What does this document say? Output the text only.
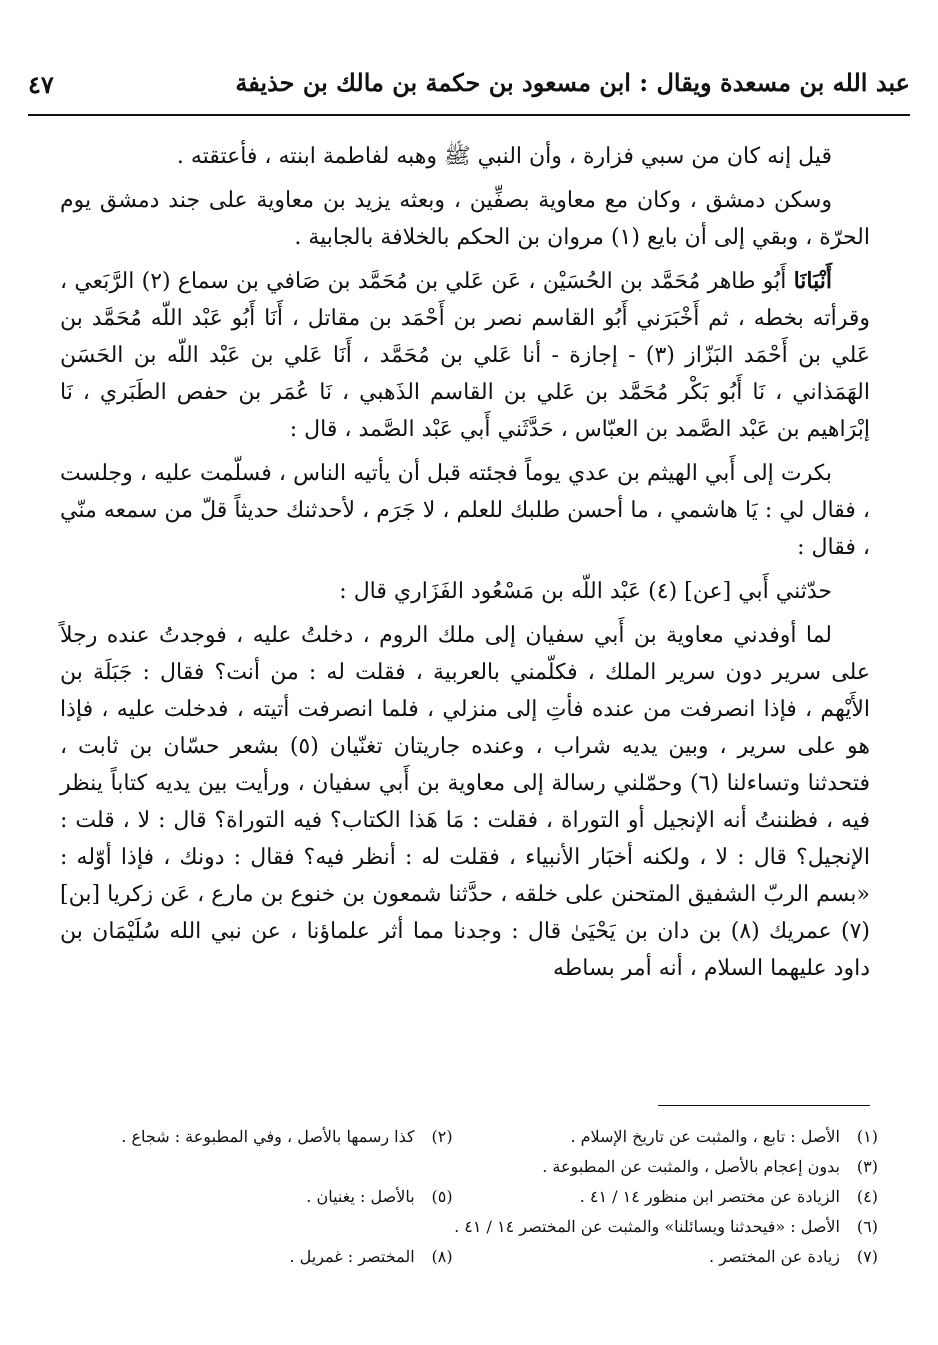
عبد الله بن مسعدة ويقال : ابن مسعود بن حكمة بن مالك بن حذيفة
٤٧

قيل إنه كان من سبي فزارة ، وأن النبي ﷺ وهبه لفاطمة ابنته ، فأعتقته .

وسكن دمشق ، وكان مع معاوية بصفِّين ، وبعثه يزيد بن معاوية على جند دمشق يوم الحرّة ، وبقي إلى أن بايع (١) مروان بن الحكم بالخلافة بالجابية .

أَنْبَانَا أَبُو طاهر مُحَمَّد بن الحُسَيْن ، عَن عَلي بن مُحَمَّد بن صَافي بن سماع (٢) الرَّبَعي ، وقرأته بخطه ، ثم أَخْبَرَني أَبُو القاسم نصر بن أَحْمَد بن مقاتل ، أَنَا أَبُو عَبْد اللّه مُحَمَّد بن عَلي بن أَحْمَد البَزّاز (٣) - إجازة - أنا عَلي بن مُحَمَّد ، أَنَا عَلي بن عَبْد اللّه بن الحَسَن الهَمَذاني ، نَا أَبُو بَكْر مُحَمَّد بن عَلي بن القاسم الذَهبي ، نَا عُمَر بن حفص الطَبَري ، نَا إبْرَاهيم بن عَبْد الصَّمد بن العبّاس ، حَدَّثَني أَبي عَبْد الصَّمد ، قال :

بكرت إلى أَبي الهيثم بن عدي يوماً فجئته قبل أن يأتيه الناس ، فسلّمت عليه ، وجلست ، فقال لي : يَا هاشمي ، ما أحسن طلبك للعلم ، لا جَرَم ، لأحدثنك حديثاً قلّ من سمعه منّي ، فقال :

حدّثني أَبي [عن] (٤) عَبْد اللّه بن مَسْعُود الفَزَاري قال :

لما أوفدني معاوية بن أَبي سفيان إلى ملك الروم ، دخلتُ عليه ، فوجدتُ عنده رجلاً على سرير دون سرير الملك ، فكلّمني بالعربية ، فقلت له : من أنت؟ فقال : جَبَلَة بن الأَيْهم ، فإذا انصرفت من عنده فأتِ إلى منزلي ، فلما انصرفت أتيته ، فدخلت عليه ، فإذا هو على سرير ، وبين يديه شراب ، وعنده جاريتان تغنّيان (٥) بشعر حسّان بن ثابت ، فتحدثنا وتساءلنا (٦) وحمّلني رسالة إلى معاوية بن أَبي سفيان ، ورأيت بين يديه كتاباً ينظر فيه ، فظننتُ أنه الإنجيل أو التوراة ، فقلت : مَا هَذا الكتاب؟ فيه التوراة؟ قال : لا ، قلت : الإنجيل؟ قال : لا ، ولكنه أخبَار الأنبياء ، فقلت له : أنظر فيه؟ فقال : دونك ، فإذا أوّله : «بسم الربّ الشفيق المتحنن على خلقه ، حدَّثنا شمعون بن خنوع بن مارع ، عَن زكريا [بن] (٧) عمريك (٨) بن دان بن يَحْيَىٰ قال : وجدنا مما أثر علماؤنا ، عن نبي الله سُلَيْمَان بن داود عليهما السلام ، أنه أمر بساطه

(١)الأصل : تابع ، والمثبت عن تاريخ الإسلام .
(٢)كذا رسمها بالأصل ، وفي المطبوعة : شجاع .
(٣)بدون إعجام بالأصل ، والمثبت عن المطبوعة .
(٤)الزيادة عن مختصر ابن منظور ١٤ / ٤١ .
(٥)بالأصل : يغنيان .
(٦)الأصل : «فيحدثنا ويسائلنا» والمثبت عن المختصر ١٤ / ٤١ .
(٧)زيادة عن المختصر .
(٨)المختصر : غمريل .
